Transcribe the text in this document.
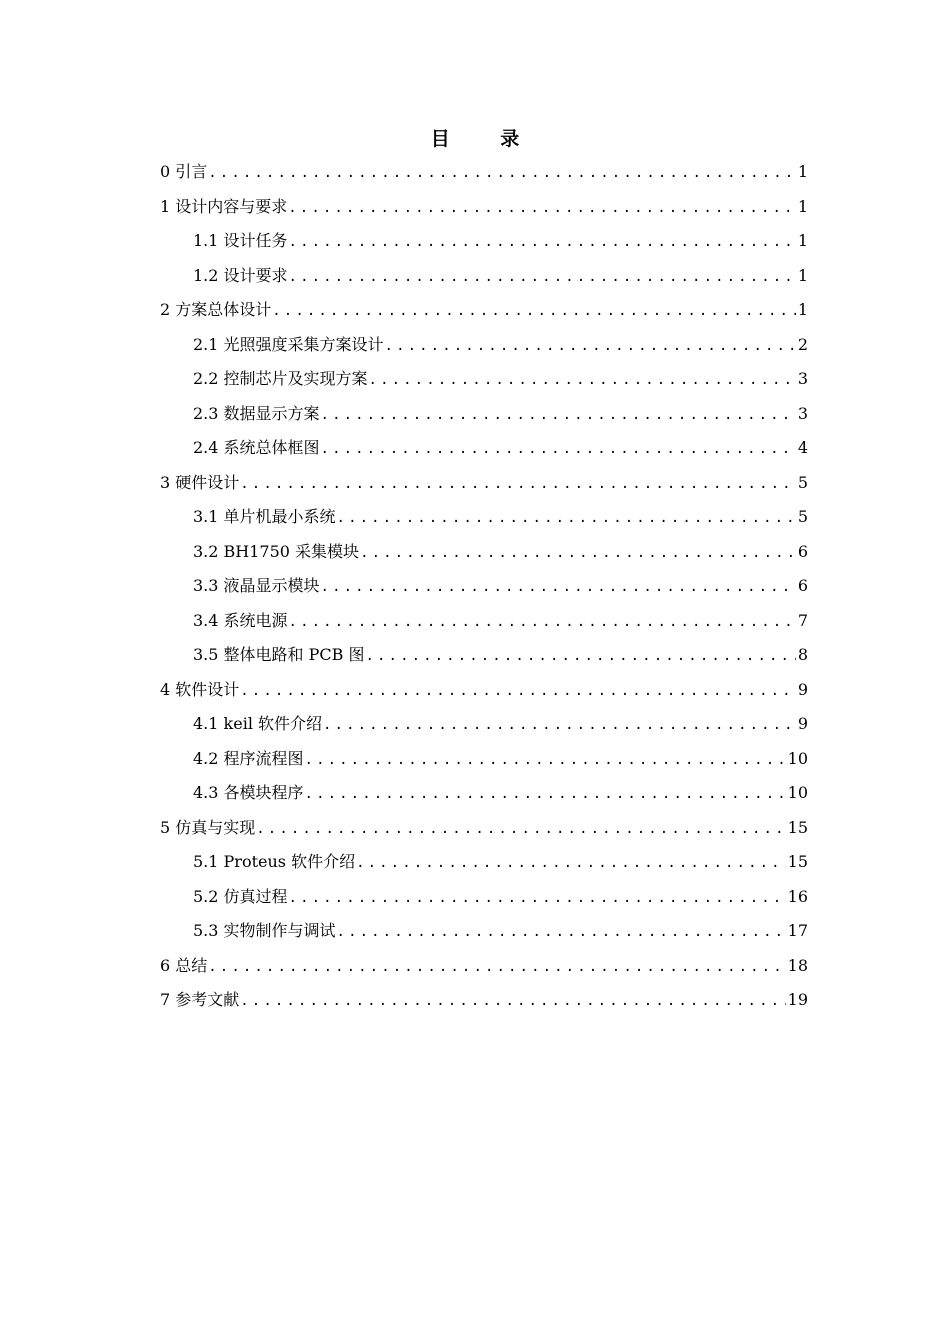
目 录
0 引言 .....	1
1 设计内容与要求 .....	1
1.1 设计任务 .....	1
1.2 设计要求 .....	1
2 方案总体设计 .....	1
2.1 光照强度采集方案设计 .....	2
2.2 控制芯片及实现方案 .....	3
2.3 数据显示方案 .....	3
2.4 系统总体框图 .....	4
3 硬件设计 .....	5
3.1 单片机最小系统 .....	5
3.2 BH1750 采集模块 .....	6
3.3 液晶显示模块 .....	6
3.4 系统电源 .....	7
3.5 整体电路和 PCB 图 .....	8
4 软件设计 .....	9
4.1 keil 软件介绍 .....	9
4.2 程序流程图 .....	10
4.3 各模块程序 .....	10
5 仿真与实现 .....	15
5.1 Proteus 软件介绍 .....	15
5.2 仿真过程 .....	16
5.3 实物制作与调试 .....	17
6 总结 .....	18
7 参考文献 .....	19
